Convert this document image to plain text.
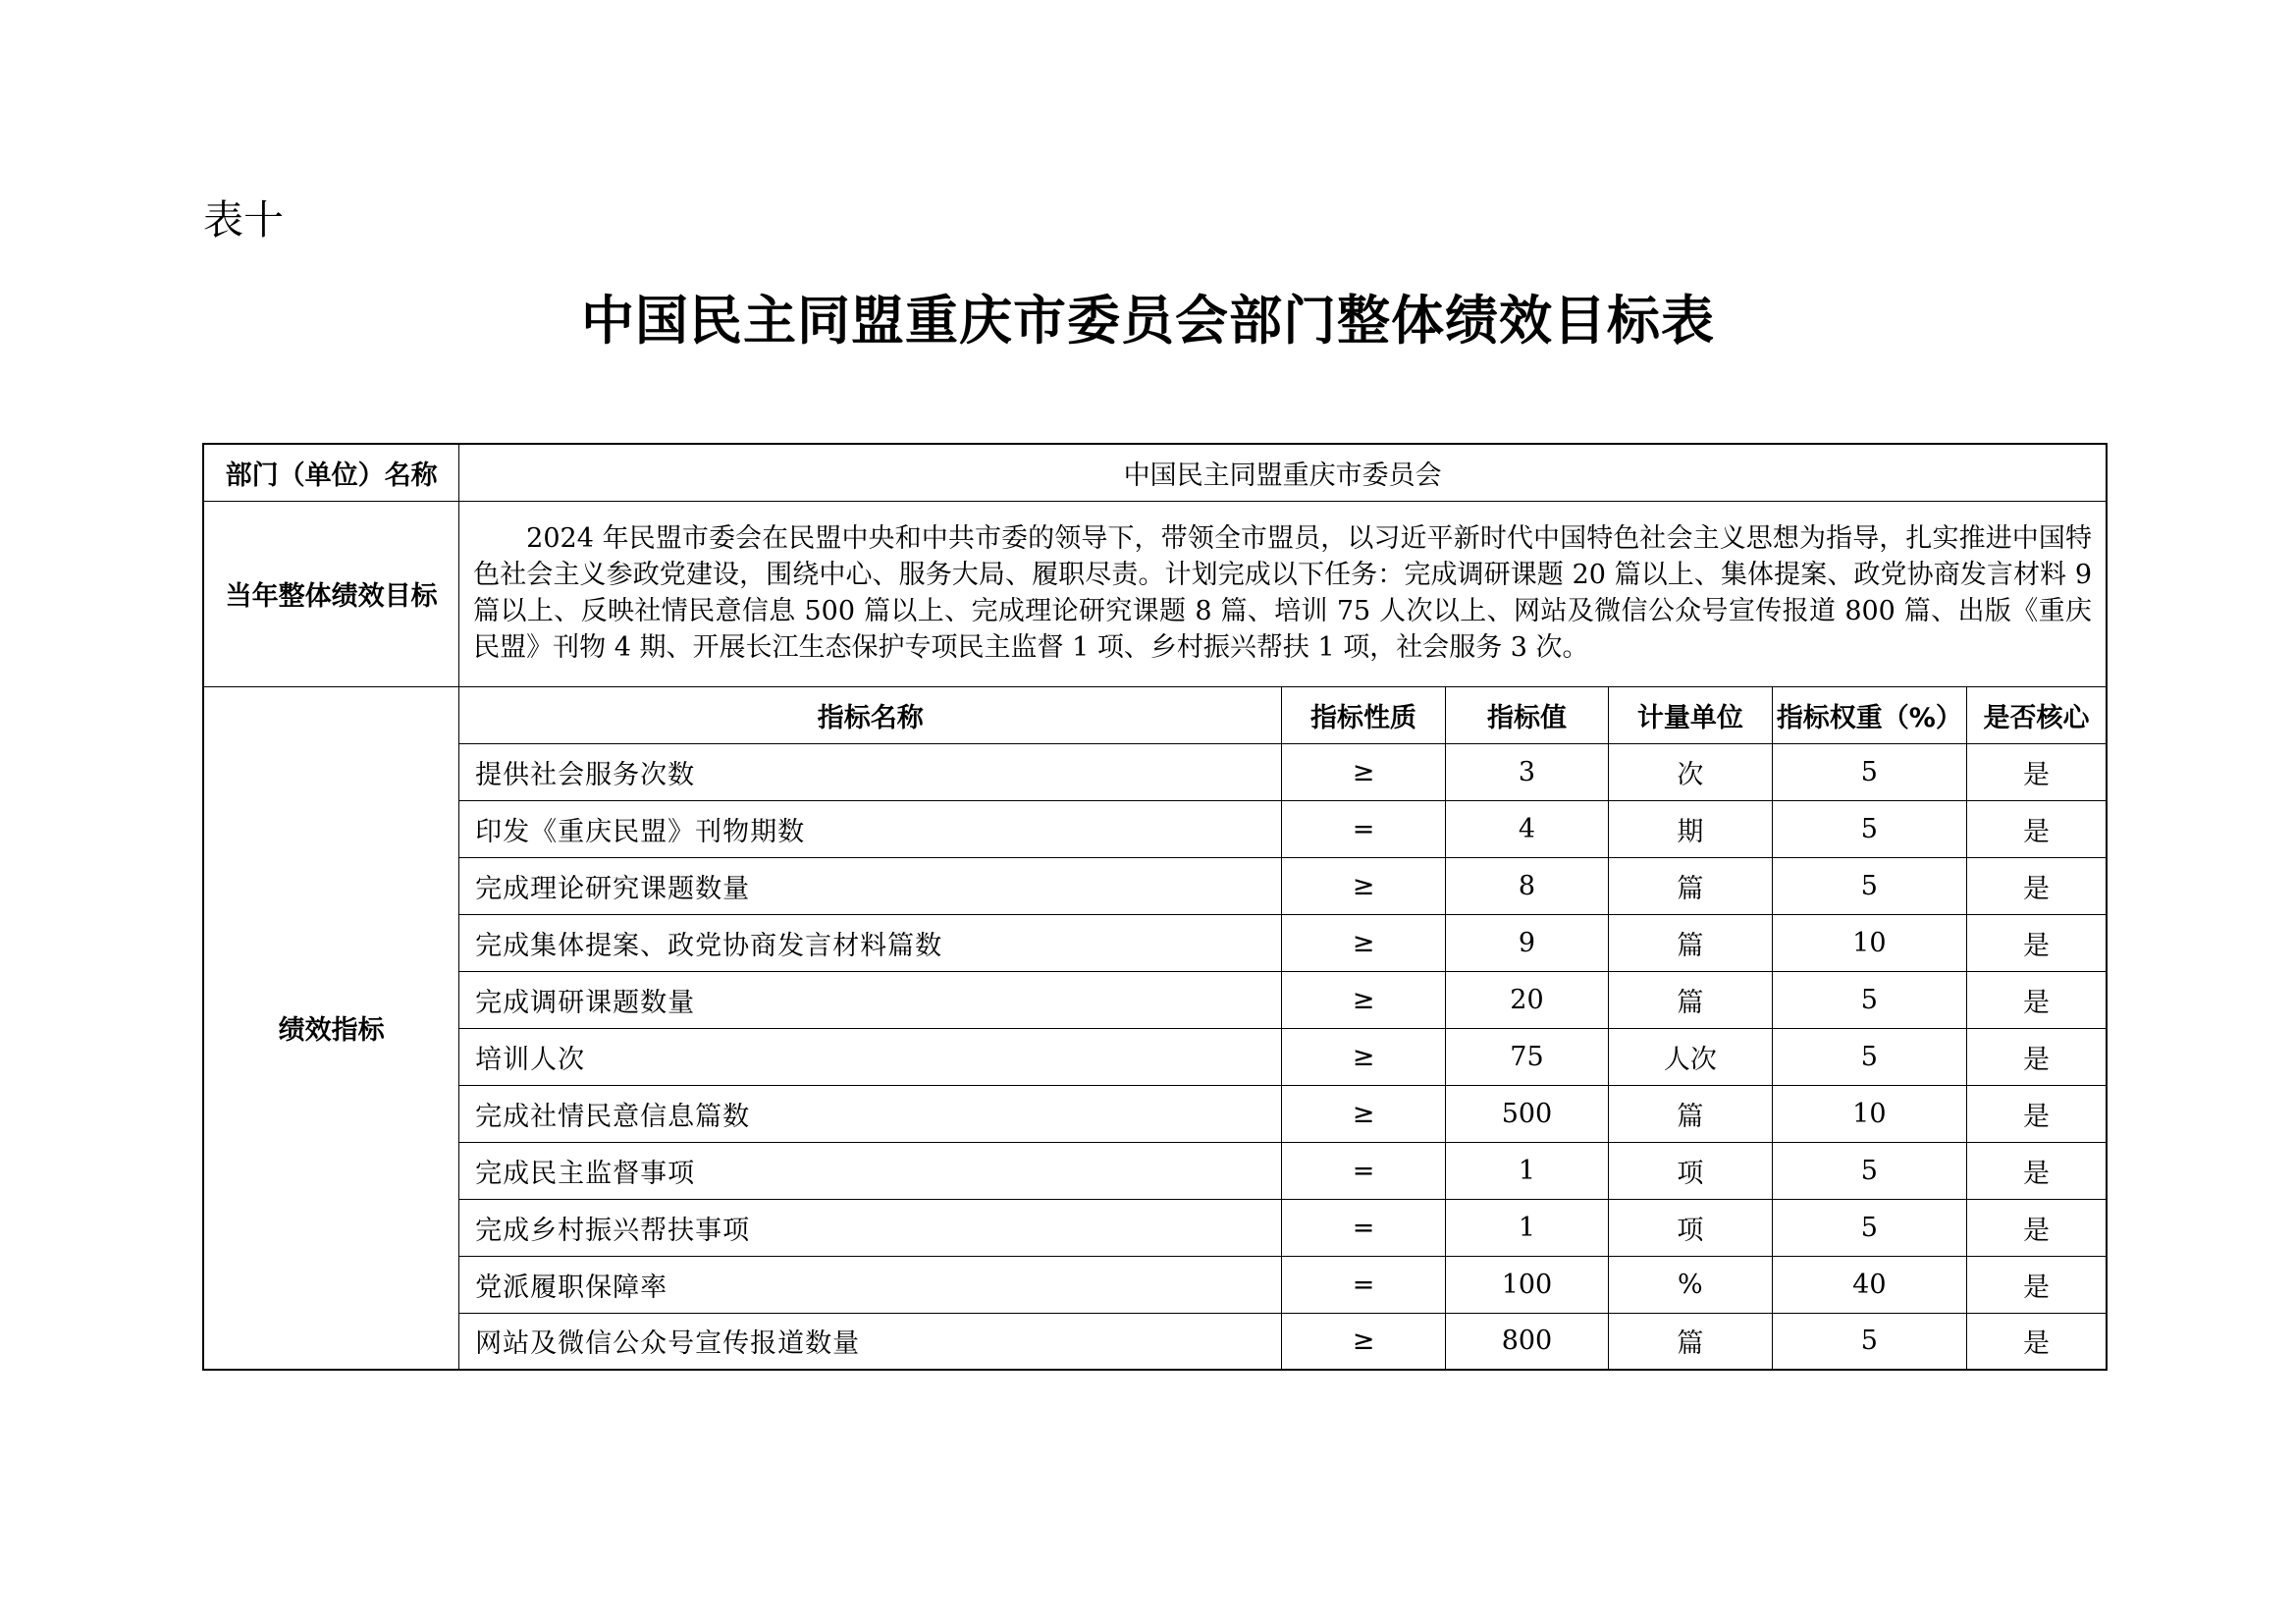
表十
中国民主同盟重庆市委员会部门整体绩效目标表
部门（单位）名称	中国民主同盟重庆市委员会					
当年整体绩效目标	2024 年民盟市委会在民盟中央和中共市委的领导下，带领全市盟员，以习近平新时代中国特色社会主义思想为指导，扎实推进中国特色社会主义参政党建设，围绕中心、服务大局、履职尽责。计划完成以下任务：完成调研课题 20 篇以上、集体提案、政党协商发言材料 9 篇以上、反映社情民意信息 500 篇以上、完成理论研究课题 8 篇、培训 75 人次以上、网站及微信公众号宣传报道 800 篇、出版《重庆民盟》刊物 4 期、开展长江生态保护专项民主监督 1 项、乡村振兴帮扶 1 项，社会服务 3 次。					
绩效指标	指标名称	指标性质	指标值	计量单位	指标权重（%）	是否核心
	提供社会服务次数	≥	3	次	5	是
	印发《重庆民盟》刊物期数	=	4	期	5	是
	完成理论研究课题数量	≥	8	篇	5	是
	完成集体提案、政党协商发言材料篇数	≥	9	篇	10	是
	完成调研课题数量	≥	20	篇	5	是
	培训人次	≥	75	人次	5	是
	完成社情民意信息篇数	≥	500	篇	10	是
	完成民主监督事项	=	1	项	5	是
	完成乡村振兴帮扶事项	=	1	项	5	是
	党派履职保障率	=	100	%	40	是
	网站及微信公众号宣传报道数量	≥	800	篇	5	是
